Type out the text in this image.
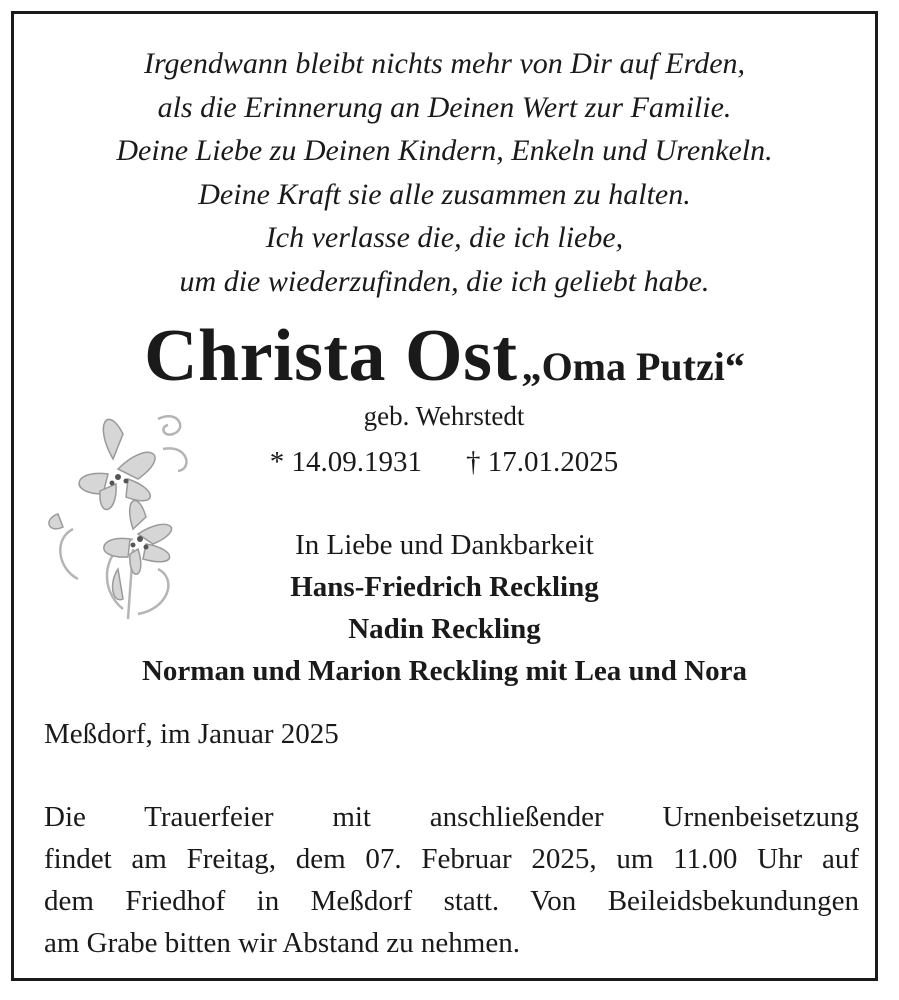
Irgendwann bleibt nichts mehr von Dir auf Erden,
als die Erinnerung an Deinen Wert zur Familie.
Deine Liebe zu Deinen Kindern, Enkeln und Urenkeln.
Deine Kraft sie alle zusammen zu halten.
Ich verlasse die, die ich liebe,
um die wiederzufinden, die ich geliebt habe.
Christa Ost „Oma Putzi“
geb. Wehrstedt
* 14.09.1931 † 17.01.2025
In Liebe und Dankbarkeit
Hans-Friedrich Reckling
Nadin Reckling
Norman und Marion Reckling mit Lea und Nora
Meßdorf, im Januar 2025
Die Trauerfeier mit anschließender Urnenbeisetzung
findet am Freitag, dem 07. Februar 2025, um 11.00 Uhr auf
dem Friedhof in Meßdorf statt. Von Beileidsbekundungen
am Grabe bitten wir Abstand zu nehmen.
